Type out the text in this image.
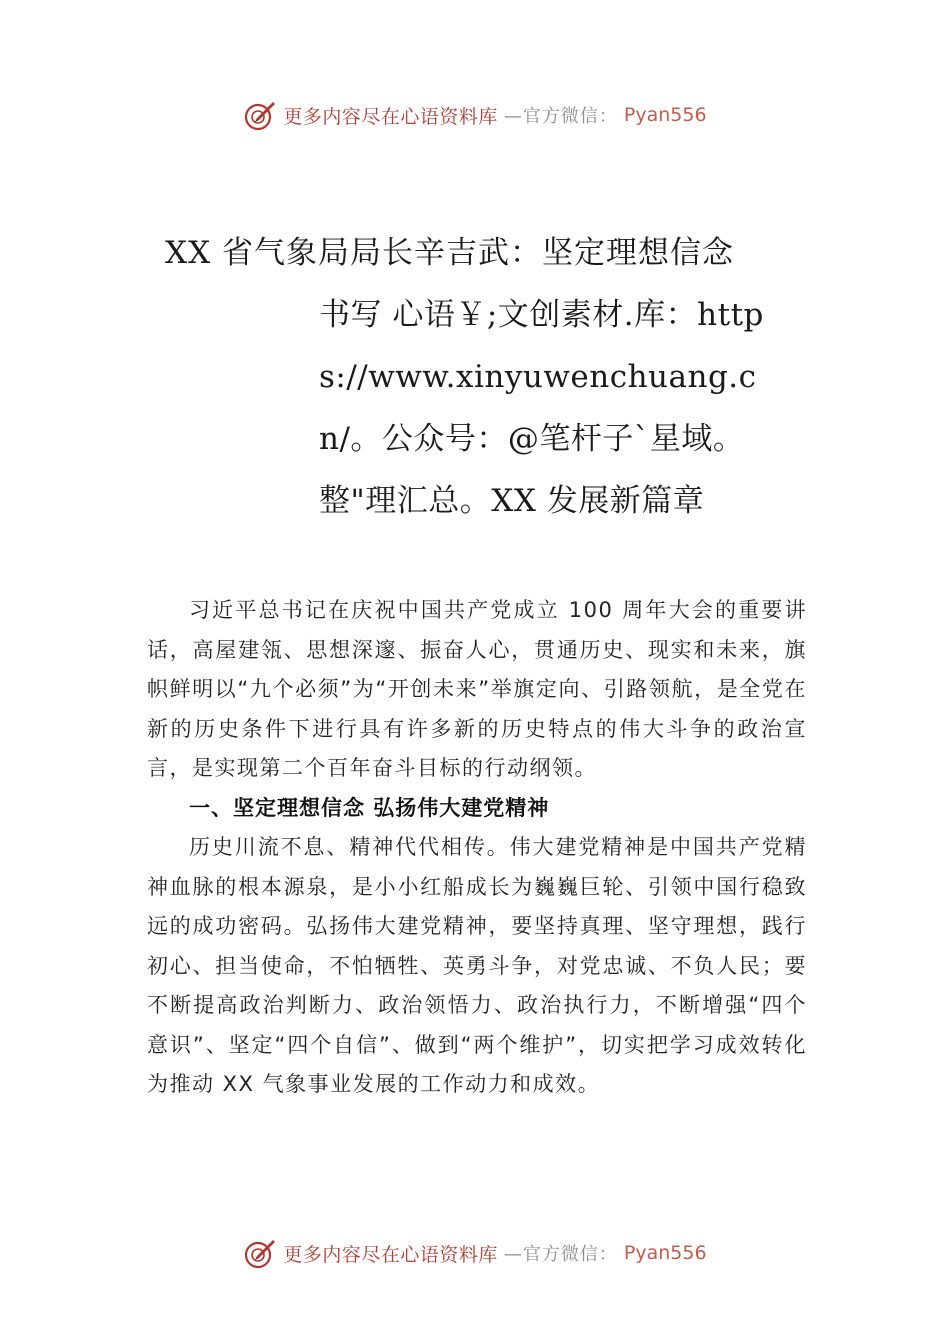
更多内容尽在心语资料库 —官方微信： Pyan556
XX 省气象局局长辛吉武：坚定理想信念
书写 心语￥;文创素材.库：https://www.xinyuwenchuang.cn/。公众号：@笔杆子`星域。整"理汇总。XX 发展新篇章

习近平总书记在庆祝中国共产党成立 100 周年大会的重要讲话，高屋建瓴、思想深邃、振奋人心，贯通历史、现实和未来，旗帜鲜明以“九个必须”为“开创未来”举旗定向、引路领航，是全党在新的历史条件下进行具有许多新的历史特点的伟大斗争的政治宣言，是实现第二个百年奋斗目标的行动纲领。

一、坚定理想信念 弘扬伟大建党精神

历史川流不息、精神代代相传。伟大建党精神是中国共产党精神血脉的根本源泉，是小小红船成长为巍巍巨轮、引领中国行稳致远的成功密码。弘扬伟大建党精神，要坚持真理、坚守理想，践行初心、担当使命，不怕牺牲、英勇斗争，对党忠诚、不负人民；要不断提高政治判断力、政治领悟力、政治执行力，不断增强“四个意识”、坚定“四个自信”、做到“两个维护”，切实把学习成效转化为推动 XX 气象事业发展的工作动力和成效。

更多内容尽在心语资料库 —官方微信： Pyan556
